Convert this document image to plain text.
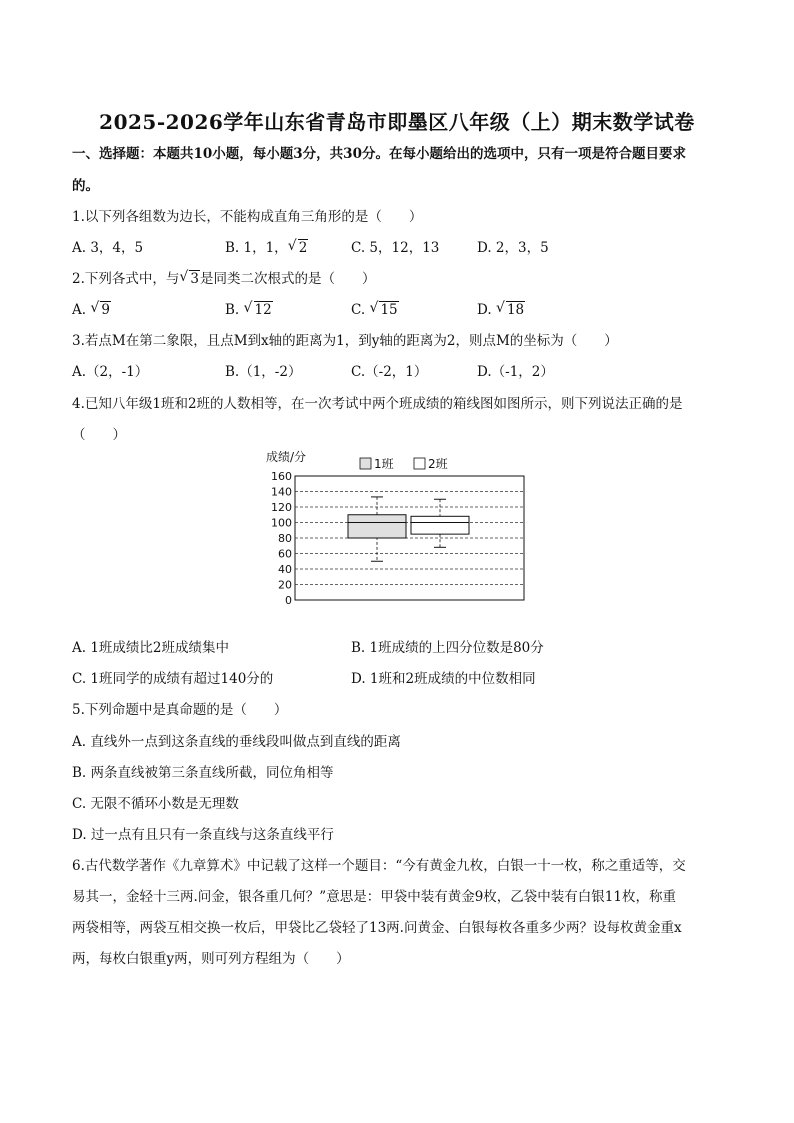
2025-2026学年山东省青岛市即墨区八年级（上）期末数学试卷
一、选择题：本题共10小题，每小题3分，共30分。在每小题给出的选项中，只有一项是符合题目要求
的。
1.以下列各组数为边长，不能构成直角三角形的是（　　）
A. 3，4，5	B. 1，1， √ 2	C. 5，12，13	D. 2，3，5
2.下列各式中，与 √ 3是同类二次根式的是（　　）
A. √ 9	B. √ 12	C. √ 15	D. √ 18
3.若点M在第二象限，且点M到x轴的距离为1，到y轴的距离为2，则点M的坐标为（　　）
A.（2，-1）	B.（1，-2）	C.（-2，1）	D.（-1，2）
4.已知八年级1班和2班的人数相等，在一次考试中两个班成绩的箱线图如图所示，则下列说法正确的是
（　　）
成绩/分
0
20
40
60
80
100
120
140
160
1班	2班
A. 1班成绩比2班成绩集中	B. 1班成绩的上四分位数是80分
C. 1班同学的成绩有超过140分的	D. 1班和2班成绩的中位数相同
5.下列命题中是真命题的是（　　）
A. 直线外一点到这条直线的垂线段叫做点到直线的距离
B. 两条直线被第三条直线所截，同位角相等
C. 无限不循环小数是无理数
D. 过一点有且只有一条直线与这条直线平行
6.古代数学著作《九章算术》中记载了这样一个题目：“今有黄金九枚，白银一十一枚，称之重适等，交
易其一，金轻十三两.问金，银各重几何？”意思是：甲袋中装有黄金9枚，乙袋中装有白银11枚，称重
两袋相等，两袋互相交换一枚后，甲袋比乙袋轻了13两.问黄金、白银每枚各重多少两？设每枚黄金重x
两，每枚白银重y两，则可列方程组为（　　）
